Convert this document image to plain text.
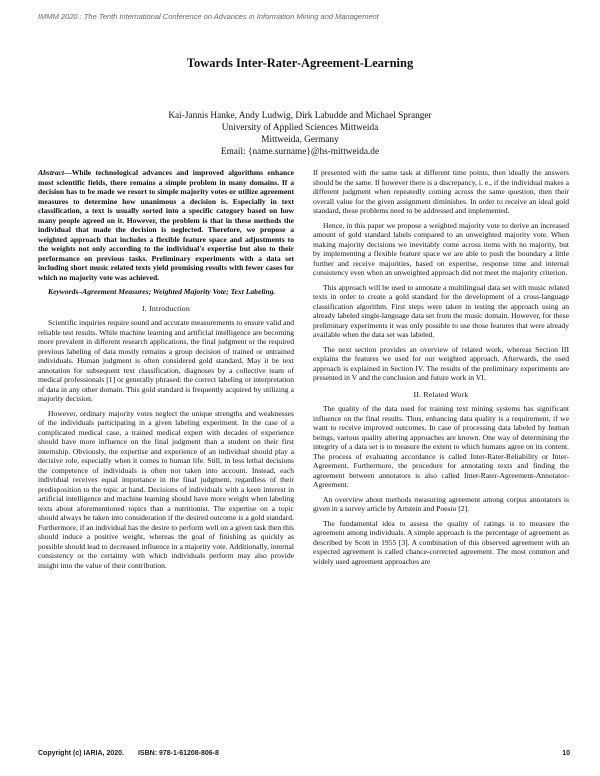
IMMM 2020 : The Tenth International Conference on Advances in Information Mining and Management
Towards Inter-Rater-Agreement-Learning
Kai-Jannis Hanke, Andy Ludwig, Dirk Labudde and Michael Spranger
University of Applied Sciences Mittweida
Mittweida, Germany
Email: {name.surname}@hs-mittweida.de

Abstract—While technological advances and improved algorithms enhance most scientific fields, there remains a simple problem in many domains. If a decision has to be made we resort to simple majority votes or utilize agreement measures to determine how unanimous a decision is. Especially in text classification, a text is usually sorted into a specific category based on how many people agreed on it. However, the problem is that in these methods the individual that made the decision is neglected. Therefore, we propose a weighted approach that includes a flexible feature space and adjustments to the weights not only according to the individual's expertise but also to their performance on previous tasks. Preliminary experiments with a data set including short music related texts yield promising results with fewer cases for which no majority vote was achieved.

Keywords–Agreement Measures; Weighted Majority Vote; Text Labeling.

I. Introduction

Scientific inquiries require sound and accurate measurements to ensure valid and reliable test results. While machine learning and artificial intelligence are becoming more prevalent in different research applications, the final judgment or the required previous labeling of data mostly remains a group decision of trained or untrained individuals. Human judgment is often considered gold standard. May it be text annotation for subsequent text classification, diagnoses by a collective team of medical professionals [1] or generally phrased: the correct labeling or interpretation of data in any other domain. This gold standard is frequently acquired by utilizing a majority decision.

However, ordinary majority votes neglect the unique strengths and weaknesses of the individuals participating in a given labeling experiment. In the case of a complicated medical case, a trained medical expert with decades of experience should have more influence on the final judgment than a student on their first internship. Obviously, the expertise and experience of an individual should play a decisive role, especially when it comes to human life. Still, in less lethal decisions the competence of individuals is often not taken into account. Instead, each individual receives equal importance in the final judgment, regardless of their predisposition to the topic at hand. Decisions of individuals with a keen interest in artificial intelligence and machine learning should have more weight when labeling texts about aforementioned topics than a nutritionist. The expertise on a topic should always be taken into consideration if the desired outcome is a gold standard. Furthermore, if an individual has the desire to perform well on a given task then this should induce a positive weight, whereas the goal of finishing as quickly as possible should lead to decreased influence in a majority vote. Additionally, internal consistency or the certainty with which individuals perform may also provide insight into the value of their contribution.

If presented with the same task at different time points, then ideally the answers should be the same. If however there is a discrepancy, i. e., if the individual makes a different judgment when repeatedly coming across the same question, then their overall value for the given assignment diminishes. In order to receive an ideal gold standard, these problems need to be addressed and implemented.

Hence, in this paper we propose a weighted majority vote to derive an increased amount of gold standard labels compared to an unweighted majority vote. When making majority decisions we inevitably come across items with no majority, but by implementing a flexible feature space we are able to push the boundary a little further and receive majorities, based on expertise, response time and internal consistency even when an unweighted approach did not meet the majority criterion.

This approach will be used to annotate a multilingual data set with music related texts in order to create a gold standard for the development of a cross-language classification algorithm. First steps were taken in testing the approach using an already labeled single-language data set from the music domain. However, for these preliminary experiments it was only possible to use those features that were already available when the data set was labeled.

The next section provides an overview of related work, whereas Section III explains the features we used for our weighted approach. Afterwards, the used approach is explained in Section IV. The results of the preliminary experiments are presented in V and the conclusion and future work in VI.

II. Related Work

The quality of the data used for training text mining systems has significant influence on the final results. Thus, enhancing data quality is a requirement, if we want to receive improved outcomes. In case of processing data labeled by human beings, various quality altering approaches are known. One way of determining the integrity of a data set is to measure the extent to which humans agree on its content. The process of evaluating accordance is called Inter-Rater-Reliability or Inter-Agreement. Furthermore, the procedure for annotating texts and finding the agreement between annotators is also called Inter-Rater-Agreement-Annotator-Agreement.

An overview about methods measuring agreement among corpus annotators is given in a survey article by Artstein and Poesio [2].

The fundamental idea to assess the quality of ratings is to measure the agreement among individuals. A simple approach is the percentage of agreement as described by Scott in 1955 [3]. A combination of this observed agreement with an expected agreement is called chance-corrected agreement. The most common and widely used agreement approaches are

Copyright (c) IARIA, 2020. ISBN: 978-1-61208-806-8	10
